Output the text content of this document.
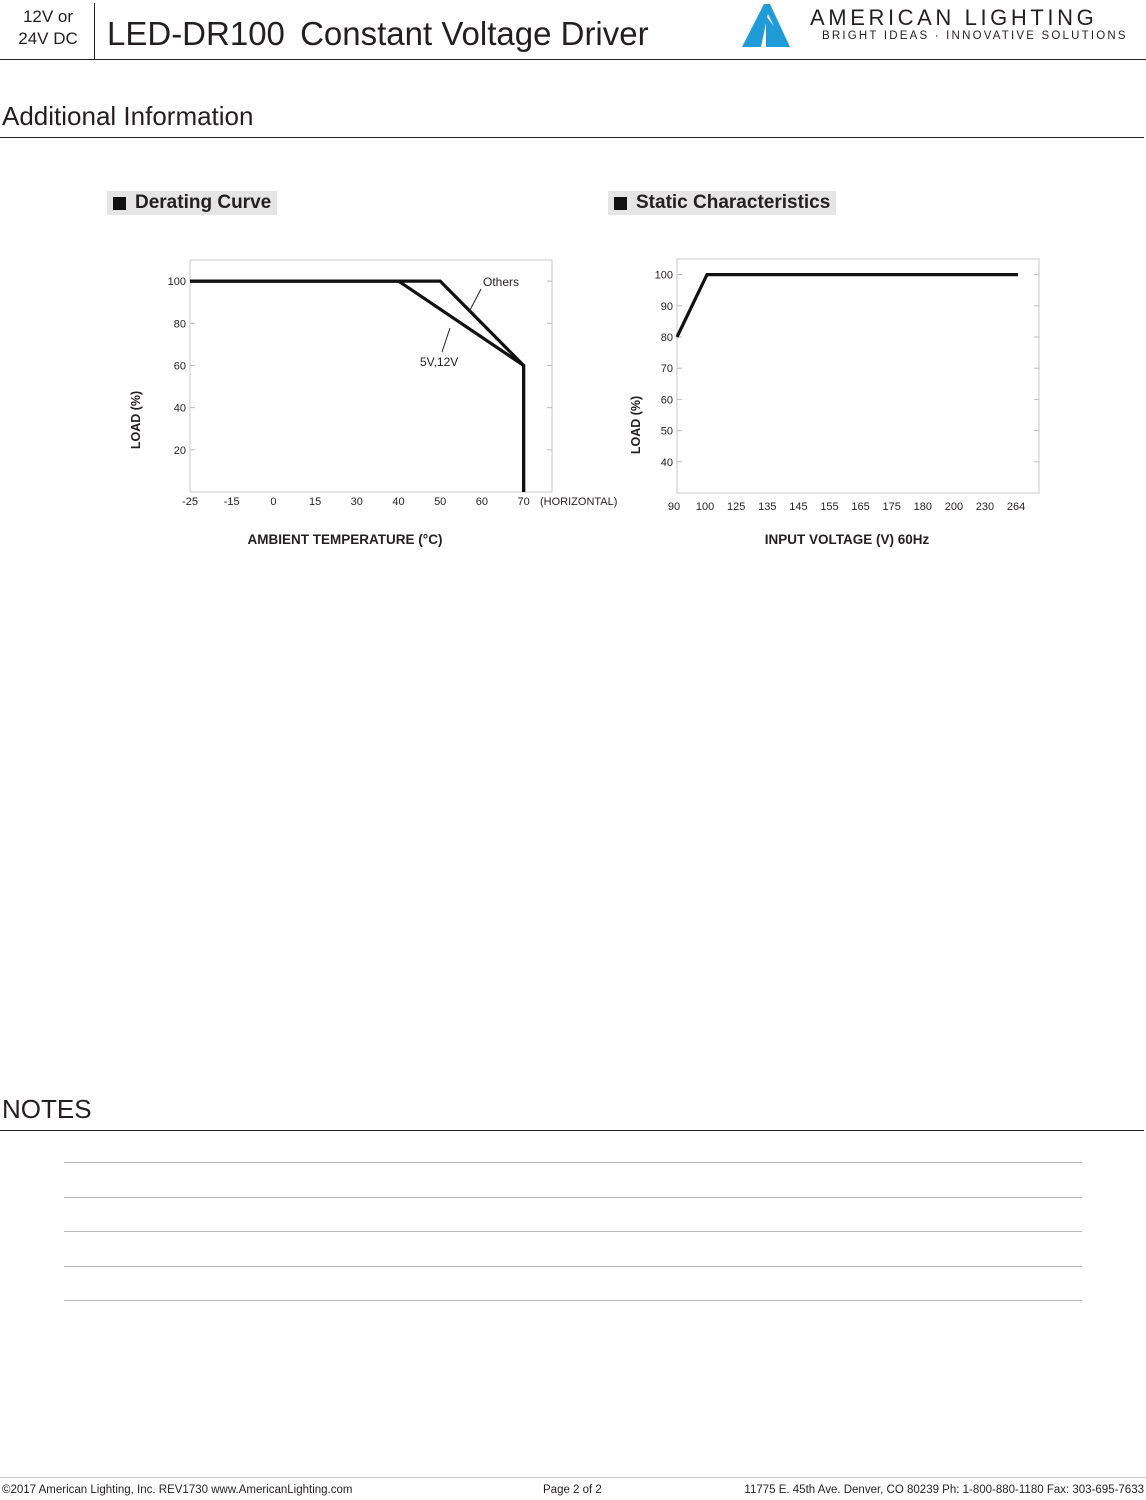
12V or
24V DC LED-DR100 Constant Voltage Driver	AMERICAN LIGHTING
BRIGHT IDEAS · INNOVATIVE SOLUTIONS
Additional Information
Derating Curve	Static Characteristics
-25 -15	0	15	30	40	50	60	70
20
40
60
80
100	Others
5V,12V
(HORIZONTAL)
AMBIENT TEMPERATURE (°C)
LOAD (%)
90 100 125 135 145 155 165 175 180 200 230 264
40
50
60
70
80
90
100
INPUT VOLTAGE (V) 60Hz
LOAD (%)
NOTES
©2017 American Lighting, Inc. REV1730 www.AmericanLighting.com	Page 2 of 2	11775 E. 45th Ave. Denver, CO 80239 Ph: 1-800-880-1180 Fax: 303-695-7633
